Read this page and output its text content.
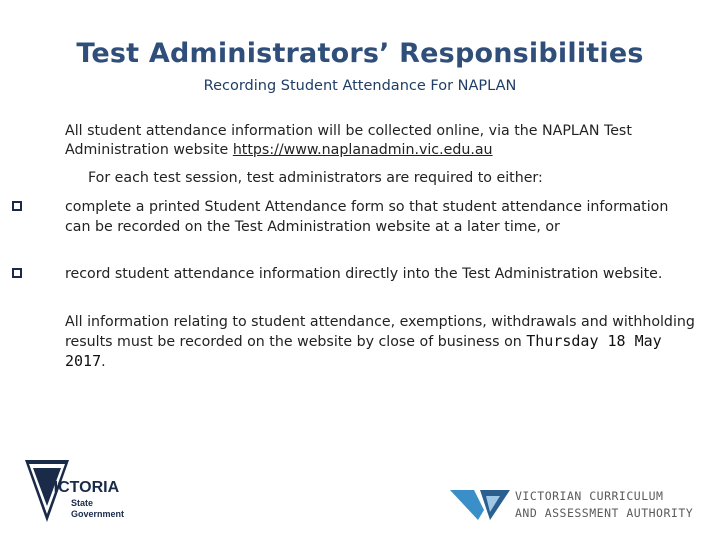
Test Administrators’ Responsibilities
Recording Student Attendance For NAPLAN
All student attendance information will be collected online, via the NAPLAN Test Administration website https://www.naplanadmin.vic.edu.au
For each test session, test administrators are required to either:
complete a printed Student Attendance form so that student attendance information can be recorded on the Test Administration website at a later time, or
record student attendance information directly into the Test Administration website.
All information relating to student attendance, exemptions, withdrawals and withholding results must be recorded on the website by close of business on Thursday 18 May 2017.
VICTORIA
State
Government
VICTORIAN CURRICULUM
AND ASSESSMENT AUTHORITY
